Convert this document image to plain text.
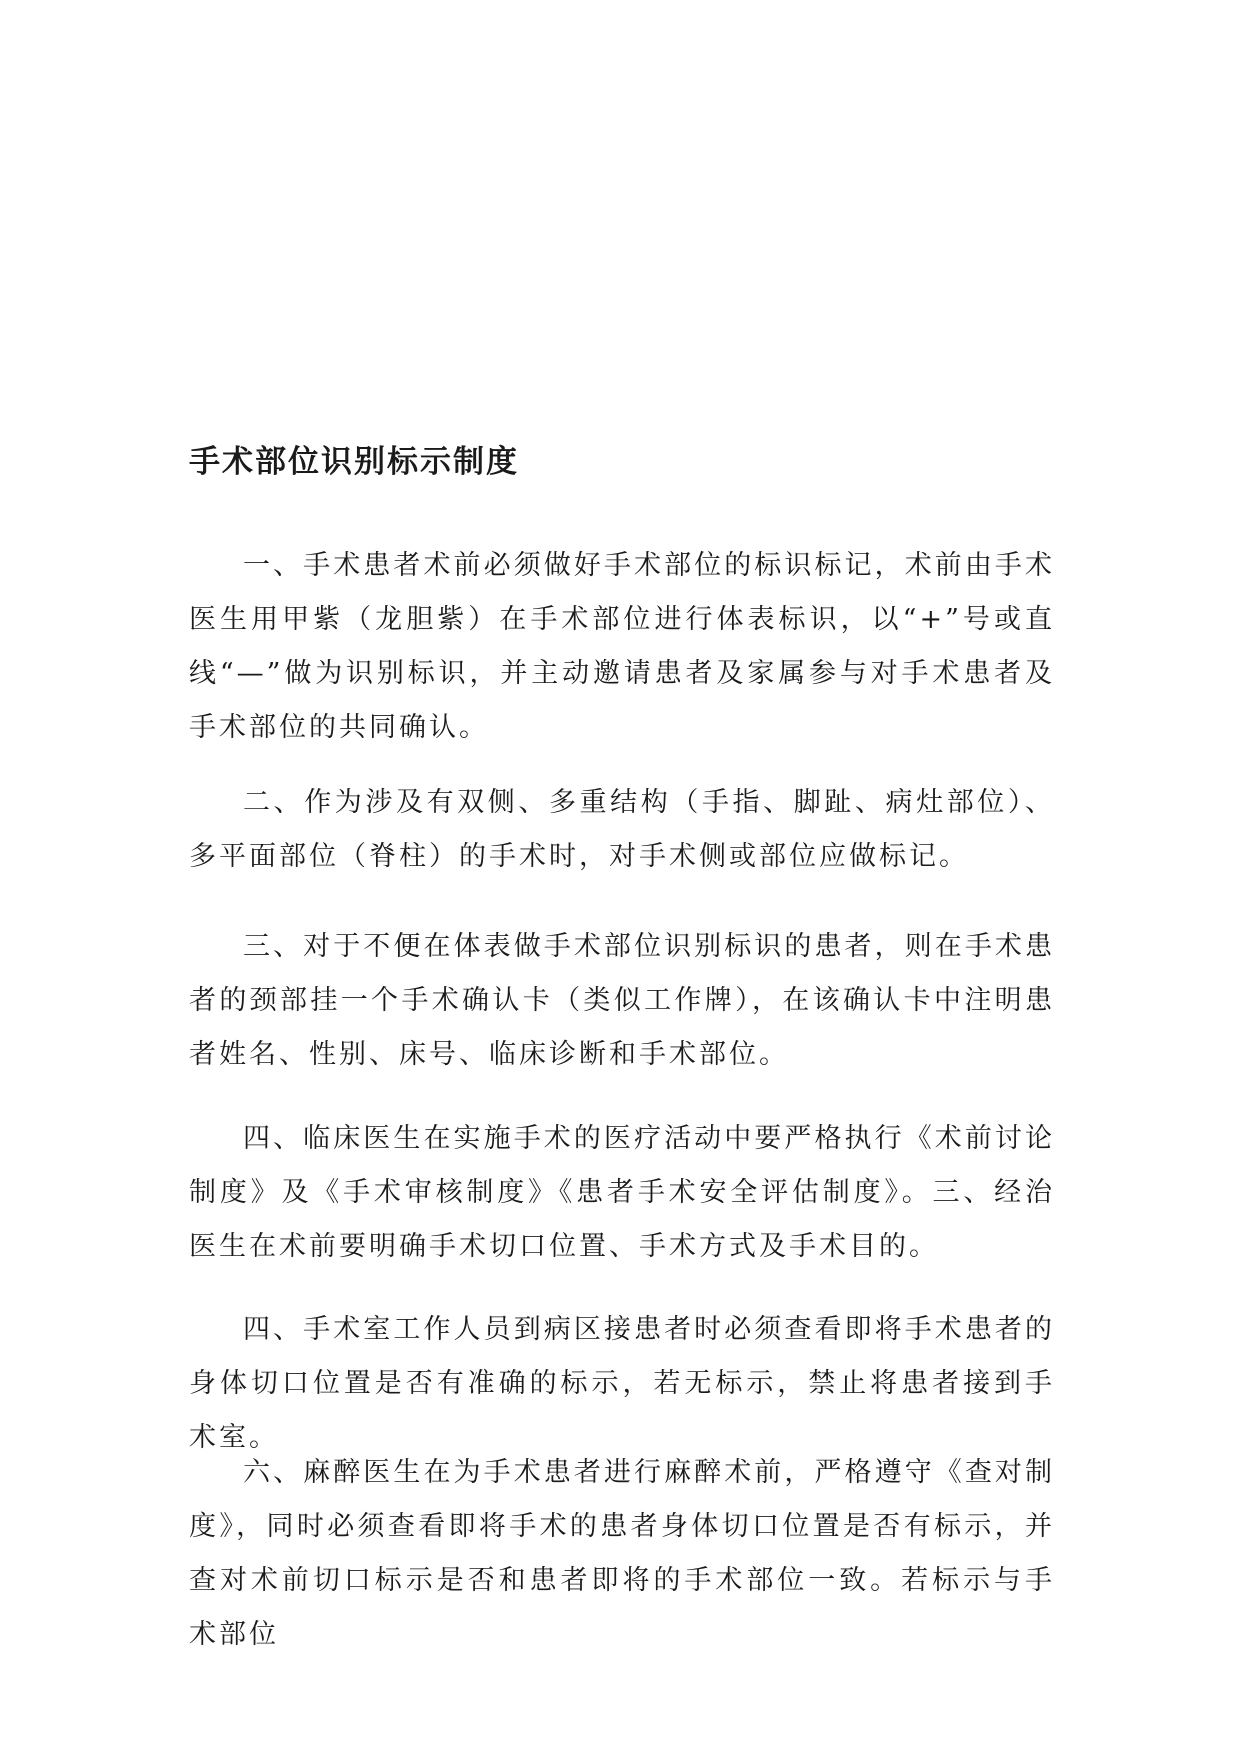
手术部位识别标示制度

一、手术患者术前必须做好手术部位的标识标记，术前由手术医生用甲紫（龙胆紫）在手术部位进行体表标识，以“+”号或直线“—”做为识别标识，并主动邀请患者及家属参与对手术患者及手术部位的共同确认。

二、作为涉及有双侧、多重结构（手指、脚趾、病灶部位）、多平面部位（脊柱）的手术时，对手术侧或部位应做标记。

三、对于不便在体表做手术部位识别标识的患者，则在手术患者的颈部挂一个手术确认卡（类似工作牌），在该确认卡中注明患者姓名、性别、床号、临床诊断和手术部位。

四、临床医生在实施手术的医疗活动中要严格执行《术前讨论制度》及《手术审核制度》《患者手术安全评估制度》。三、经治医生在术前要明确手术切口位置、手术方式及手术目的。

四、手术室工作人员到病区接患者时必须查看即将手术患者的身体切口位置是否有准确的标示，若无标示，禁止将患者接到手术室。

六、麻醉医生在为手术患者进行麻醉术前，严格遵守《查对制度》，同时必须查看即将手术的患者身体切口位置是否有标示，并查对术前切口标示是否和患者即将的手术部位一致。若标示与手术部位
